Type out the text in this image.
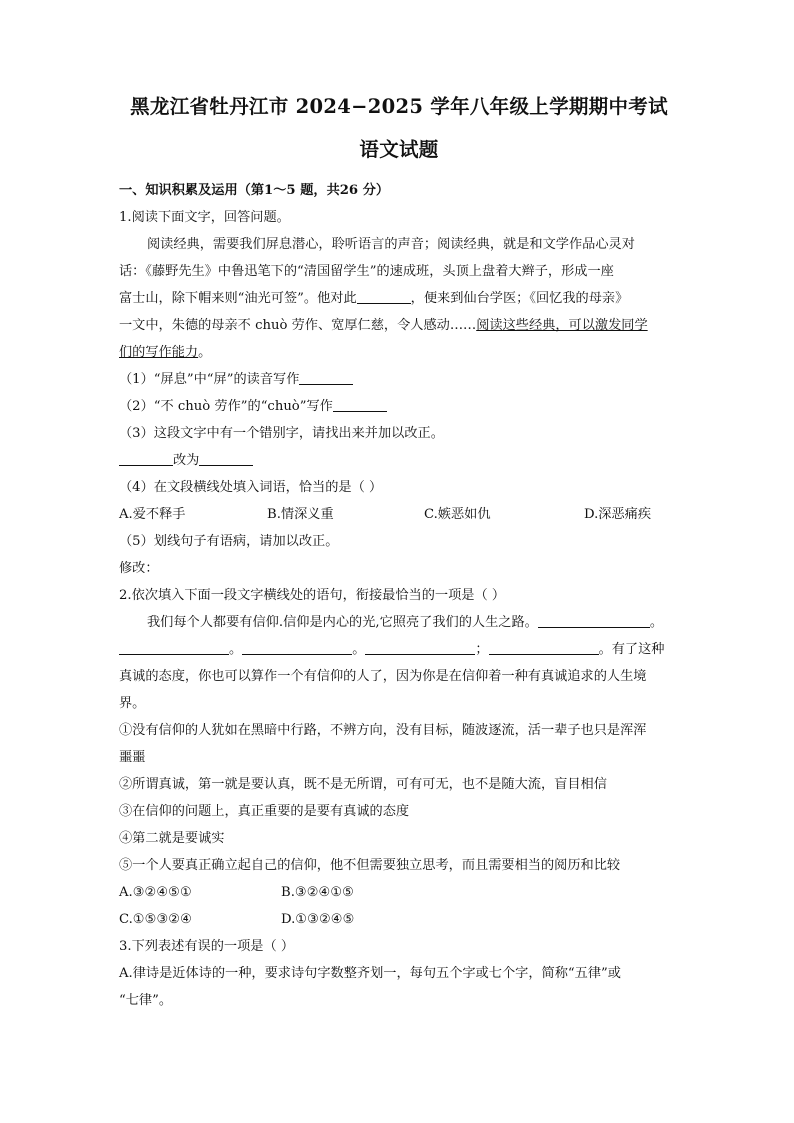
黑龙江省牡丹江市 2024−2025 学年八年级上学期期中考试
语文试题
一、知识积累及运用（第1～5 题，共26 分）
1.阅读下面文字，回答问题。
阅读经典，需要我们屏息潜心，聆听语言的声音；阅读经典，就是和文学作品心灵对
话：《藤野先生》中鲁迅笔下的“清国留学生”的速成班，头顶上盘着大辫子，形成一座
富士山，除下帽来则“油光可签”。他对此	，便来到仙台学医；《回忆我的母亲》
一文中，朱德的母亲不 chuò 劳作、宽厚仁慈，令人感动……阅读这些经典，可以激发同学
们的写作能力。
（1）“屏息”中“屏”的读音写作
（2）“不 chuò 劳作”的“chuò”写作
（3）这段文字中有一个错别字，请找出来并加以改正。
改为
（4）在文段横线处填入词语，恰当的是（ ）
A.爱不释手	B.情深义重	C.嫉恶如仇	D.深恶痛疾
（5）划线句子有语病，请加以改正。
修改：
2.依次填入下面一段文字横线处的语句，衔接最恰当的一项是（ ）
我们每个人都要有信仰.信仰是内心的光,它照亮了我们的人生之路。	。
。	。	；	。有了这种
真诚的态度，你也可以算作一个有信仰的人了，因为你是在信仰着一种有真诚追求的人生境
界。
①没有信仰的人犹如在黑暗中行路，不辨方向，没有目标，随波逐流，活一辈子也只是浑浑
噩噩
②所谓真诚，第一就是要认真，既不是无所谓，可有可无，也不是随大流，盲目相信
③在信仰的问题上，真正重要的是要有真诚的态度
④第二就是要诚实
⑤一个人要真正确立起自己的信仰，他不但需要独立思考，而且需要相当的阅历和比较
A.③②④⑤①	B.③②④①⑤
C.①⑤③②④	D.①③②④⑤
3.下列表述有误的一项是（ ）
A.律诗是近体诗的一种，要求诗句字数整齐划一，每句五个字或七个字，简称“五律”或
“七律”。
